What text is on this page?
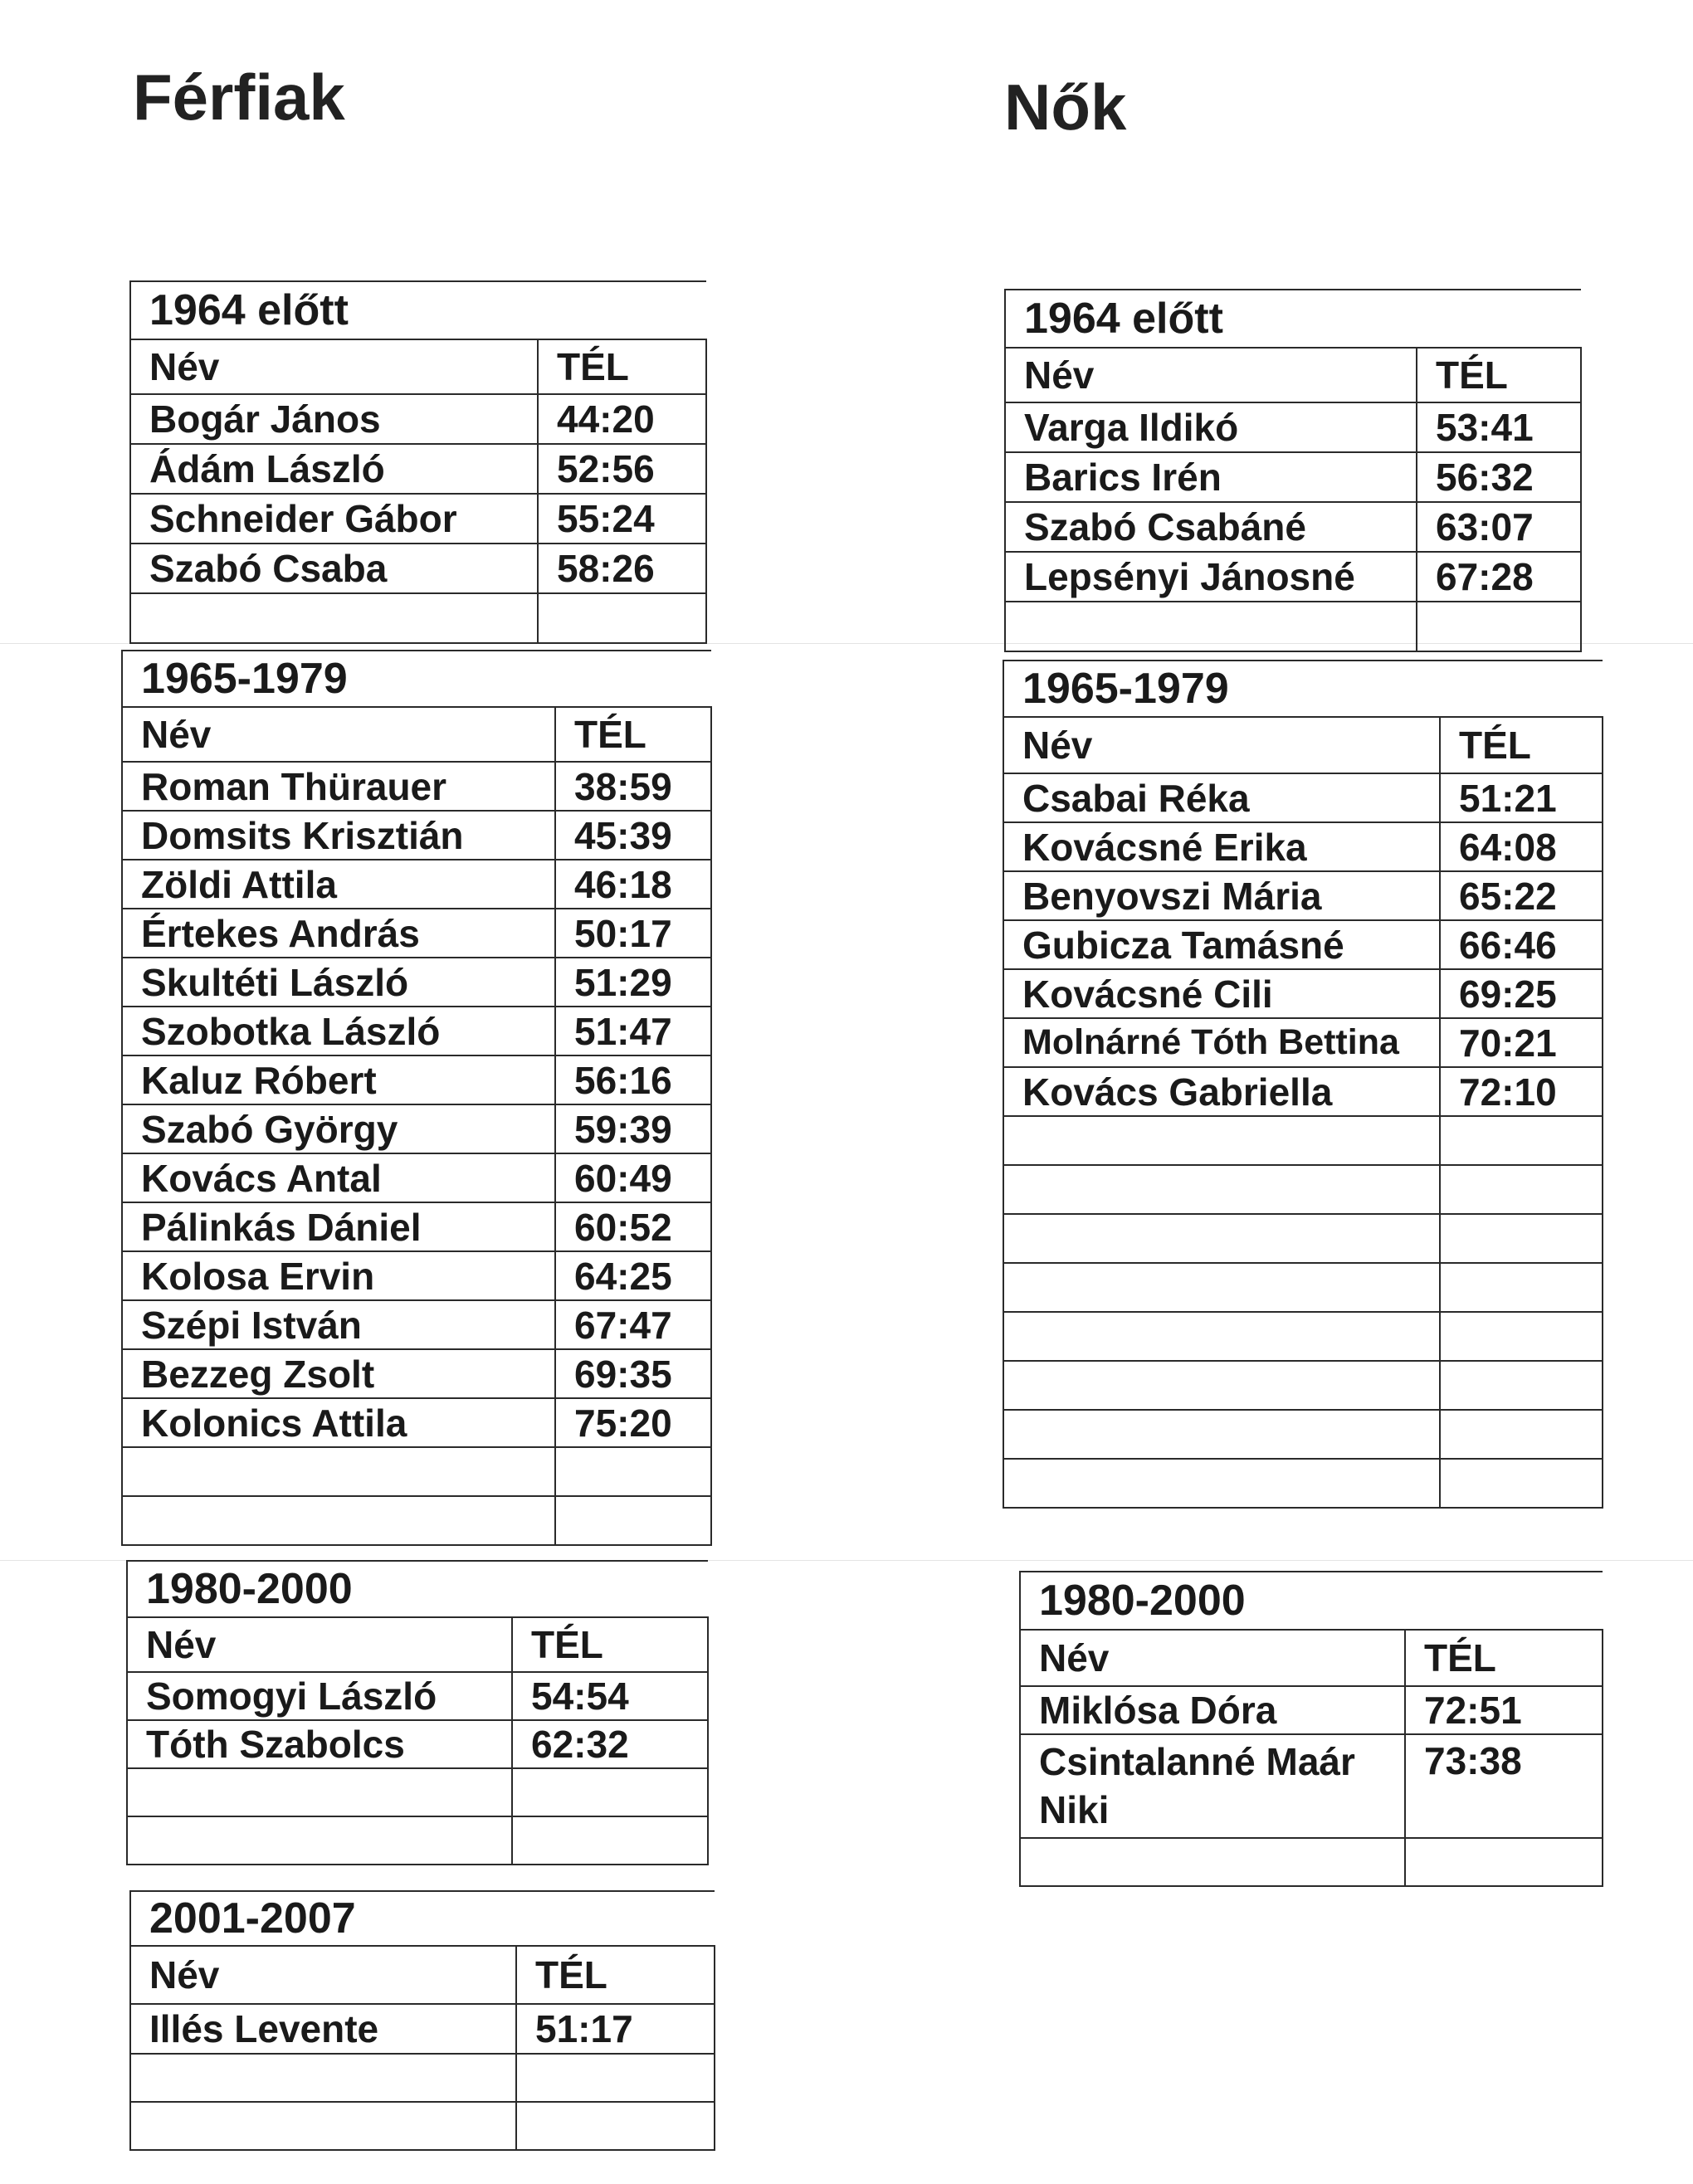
Férfiak	Nők
1964 előtt	
Név	TÉL
Bogár János	44:20
Ádám László	52:56
Schneider Gábor	55:24
Szabó Csaba	58:26

1965-1979	
Név	TÉL
Roman Thürauer	38:59
Domsits Krisztián	45:39
Zöldi Attila	46:18
Értekes András	50:17
Skultéti László	51:29
Szobotka László	51:47
Kaluz Róbert	56:16
Szabó György	59:39
Kovács Antal	60:49
Pálinkás Dániel	60:52
Kolosa Ervin	64:25
Szépi István	67:47
Bezzeg Zsolt	69:35
Kolonics Attila	75:20

1980-2000	
Név	TÉL
Somogyi László	54:54
Tóth Szabolcs	62:32

2001-2007	
Név	TÉL
Illés Levente	51:17

1964 előtt	
Név	TÉL
Varga Ildikó	53:41
Barics Irén	56:32
Szabó Csabáné	63:07
Lepsényi Jánosné	67:28

1965-1979	
Név	TÉL
Csabai Réka	51:21
Kovácsné Erika	64:08
Benyovszi Mária	65:22
Gubicza Tamásné	66:46
Kovácsné Cili	69:25
Molnárné Tóth Bettina	70:21
Kovács Gabriella	72:10

1980-2000	
Név	TÉL
Miklósa Dóra	72:51
Csintalanné Maár Niki	73:38
